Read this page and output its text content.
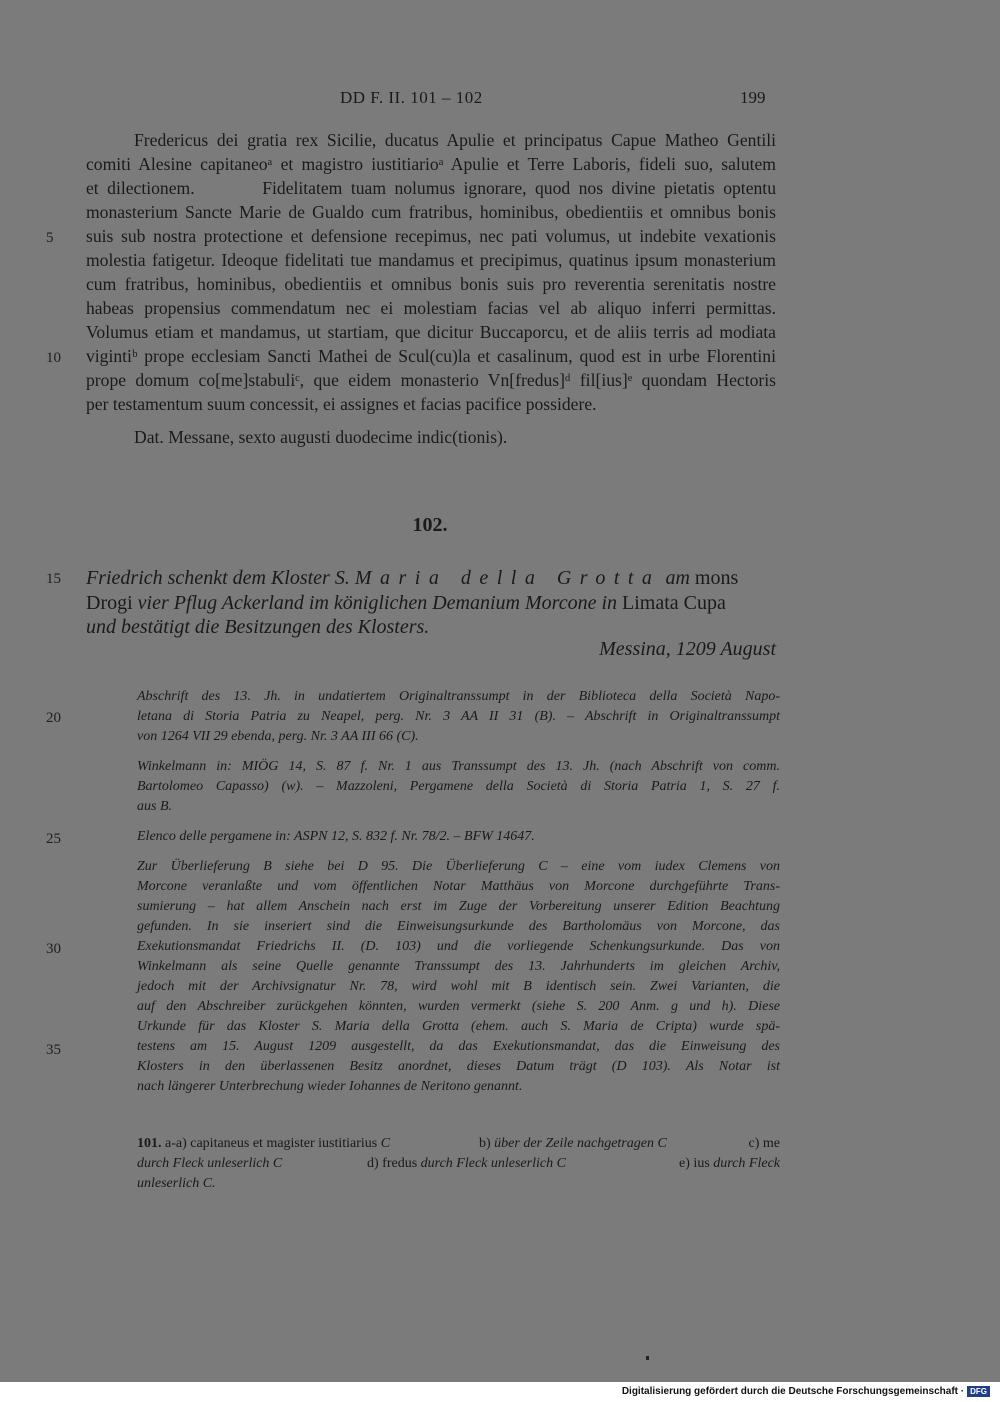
DD F. II. 101 – 102	199
Fredericus dei gratia rex Sicilie, ducatus Apulie et principatus Capue Matheo Gentili
comiti Alesine capitaneoᵃ et magistro iustitiarioᵃ Apulie et Terre Laboris, fideli suo, salutem
et dilectionem.        Fidelitatem tuam nolumus ignorare, quod nos divine pietatis optentu
monasterium Sancte Marie de Gualdo cum fratribus, hominibus, obedientiis et omnibus bonis
suis sub nostra protectione et defensione recepimus, nec pati volumus, ut indebite vexationis
molestia fatigetur. Ideoque fidelitati tue mandamus et precipimus, quatinus ipsum monasterium
cum fratribus, hominibus, obedientiis et omnibus bonis suis pro reverentia serenitatis nostre
habeas propensius commendatum nec ei molestiam facias vel ab aliquo inferri permittas.
Volumus etiam et mandamus, ut startiam, que dicitur Buccaporcu, et de aliis terris ad modiata
vigintiᵇ prope ecclesiam Sancti Mathei de Scul(cu)la et casalinum, quod est in urbe Florentini
prope domum co[me]stabuliᶜ, que eidem monasterio Vn[fredus]ᵈ fil[ius]ᵉ quondam Hectoris
per testamentum suum concessit, ei assignes et facias pacifice possidere.
Dat. Messane, sexto augusti duodecime indic(tionis).
5
10
15
20
25
30
35
102.
Friedrich schenkt dem Kloster S. Maria della Grotta am mons
Drogi vier Pflug Ackerland im königlichen Demanium Morcone in Limata Cupa
und bestätigt die Besitzungen des Klosters.
Messina, 1209 August
Abschrift des 13. Jh. in undatiertem Originaltranssumpt in der Biblioteca della Società Napo-
letana di Storia Patria zu Neapel, perg. Nr. 3 AA II 31 (B). – Abschrift in Originaltranssumpt
von 1264 VII 29 ebenda, perg. Nr. 3 AA III 66 (C).
Winkelmann in: MIÖG 14, S. 87 f. Nr. 1 aus Transsumpt des 13. Jh. (nach Abschrift von comm.
Bartolomeo Capasso) (w). – Mazzoleni, Pergamene della Società di Storia Patria 1, S. 27 f.
aus B.
Elenco delle pergamene in: ASPN 12, S. 832 f. Nr. 78/2. – BFW 14647.
Zur Überlieferung B siehe bei D 95. Die Überlieferung C – eine vom iudex Clemens von
Morcone veranlaßte und vom öffentlichen Notar Matthäus von Morcone durchgeführte Trans-
sumierung – hat allem Anschein nach erst im Zuge der Vorbereitung unserer Edition Beachtung
gefunden. In sie inseriert sind die Einweisungsurkunde des Bartholomäus von Morcone, das
Exekutionsmandat Friedrichs II. (D. 103) und die vorliegende Schenkungsurkunde. Das von
Winkelmann als seine Quelle genannte Transsumpt des 13. Jahrhunderts im gleichen Archiv,
jedoch mit der Archivsignatur Nr. 78, wird wohl mit B identisch sein. Zwei Varianten, die
auf den Abschreiber zurückgehen könnten, wurden vermerkt (siehe S. 200 Anm. g und h). Diese
Urkunde für das Kloster S. Maria della Grotta (ehem. auch S. Maria de Cripta) wurde spä-
testens am 15. August 1209 ausgestellt, da das Exekutionsmandat, das die Einweisung des
Klosters in den überlassenen Besitz anordnet, dieses Datum trägt (D 103). Als Notar ist
nach längerer Unterbrechung wieder Iohannes de Neritono genannt.
101. a-a) capitaneus et magister iustitiarius C	b) über der Zeile nachgetragen C	c) me
durch Fleck unleserlich C	d) fredus durch Fleck unleserlich C	e) ius durch Fleck
unleserlich C.
Digitalisierung gefördert durch die Deutsche Forschungsgemeinschaft · DFG
